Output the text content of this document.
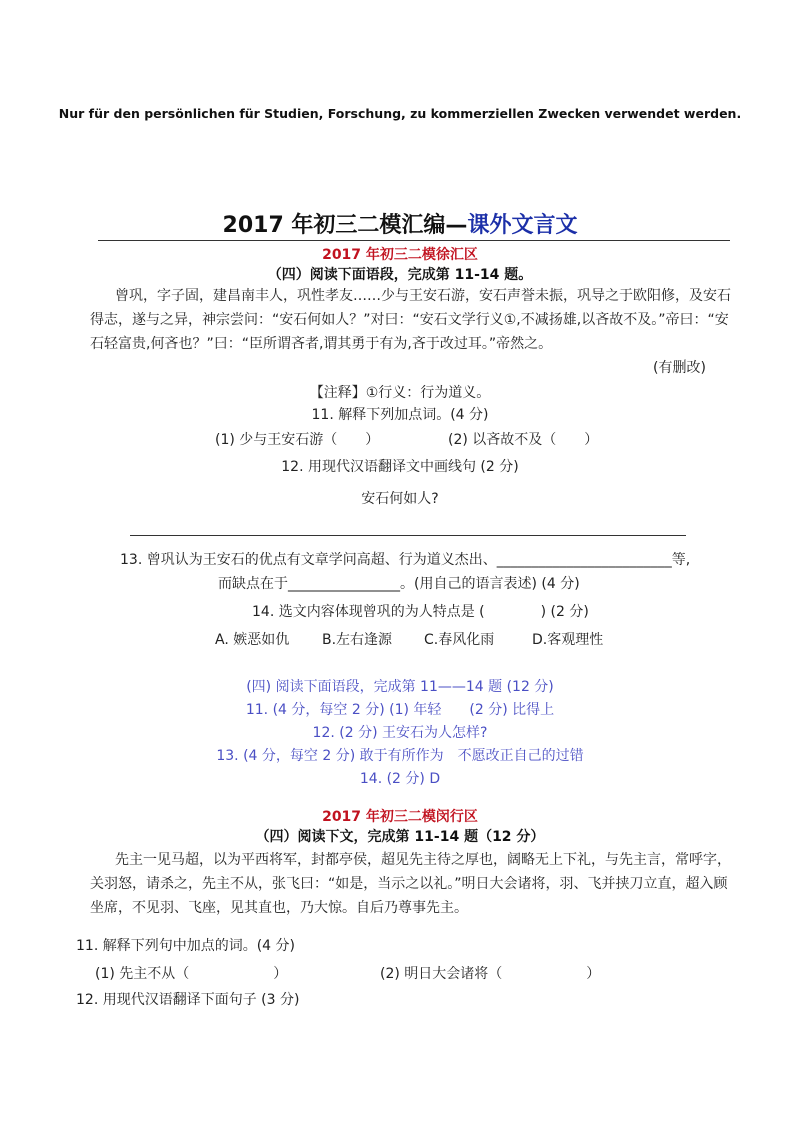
Nur für den persönlichen für Studien, Forschung, zu kommerziellen Zwecken verwendet werden.
2017 年初三二模汇编—课外文言文
2017 年初三二模徐汇区
（四）阅读下面语段，完成第 11-14 题。
曾巩，字子固，建昌南丰人，巩性孝友……少与王安石游，安石声誉未振，巩导之于欧阳修，及安石
得志，遂与之异，神宗尝问：“安石何如人？”对曰：“安石文学行义①,不减扬雄,以吝故不及。”帝曰：“安
石轻富贵,何吝也？”曰：“臣所谓吝者,谓其勇于有为,吝于改过耳。”帝然之。
(有删改)
【注释】①行义：行为道义。
11. 解释下列加点词。(4 分)
(1) 少与王安石游（　　）	(2) 以吝故不及（　　）
12. 用现代汉语翻译文中画线句 (2 分)
安石何如人?
13. 曾巩认为王安石的优点有文章学问高超、行为道义杰出、_________________________等,
而缺点在于________________。(用自己的语言表述) (4 分)
14. 选文内容体现曾巩的为人特点是 (　　　　) (2 分)
A. 嫉恶如仇 B.左右逢源 C.春风化雨	D.客观理性
(四) 阅读下面语段，完成第 11——14 题 (12 分)
11. (4 分，每空 2 分) (1) 年轻　　(2 分) 比得上
12. (2 分) 王安石为人怎样?
13. (4 分，每空 2 分) 敢于有所作为　不愿改正自己的过错
14. (2 分) D
2017 年初三二模闵行区
（四）阅读下文，完成第 11-14 题（12 分）
先主一见马超，以为平西将军，封都亭侯，超见先主待之厚也，阔略无上下礼，与先主言，常呼字，
关羽怒，请杀之，先主不从，张飞曰：“如是，当示之以礼。”明日大会诸将，羽、飞并挟刀立直，超入顾
坐席，不见羽、飞座，见其直也，乃大惊。自后乃尊事先主。
11. 解释下列句中加点的词。(4 分)
(1) 先主不从（　　　　　　）	(2) 明日大会诸将（　　　　　　）
12. 用现代汉语翻译下面句子 (3 分)
